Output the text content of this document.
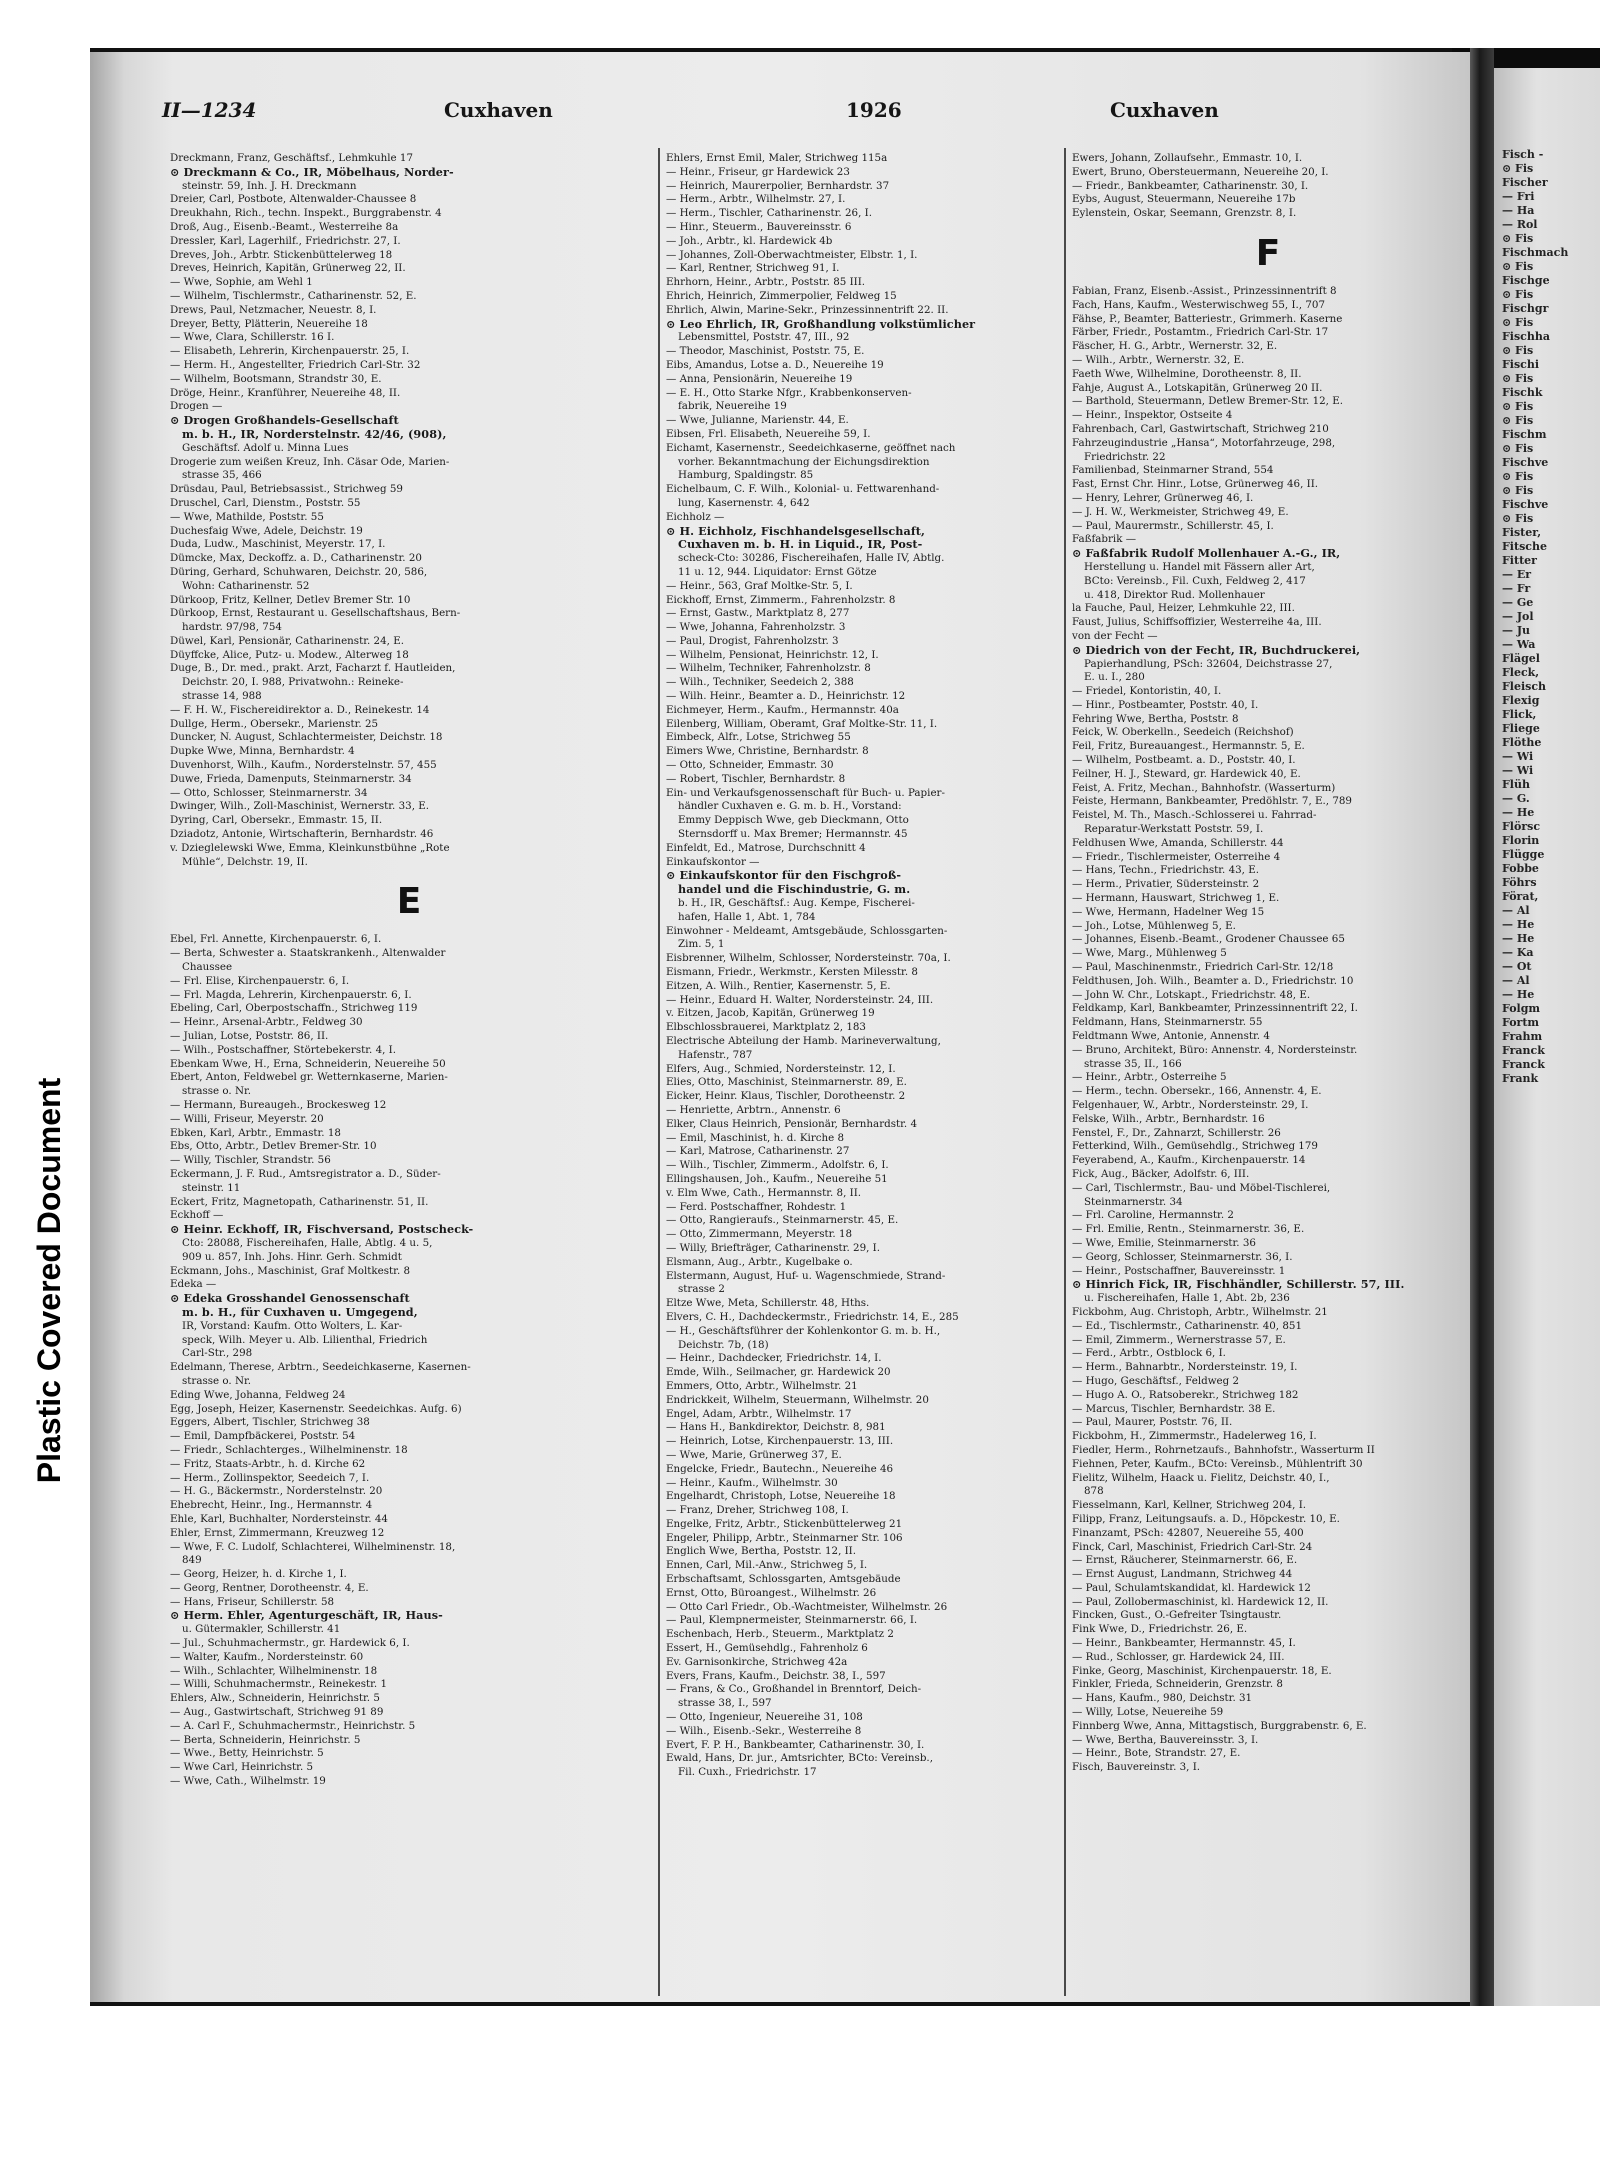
Plastic Covered Document
II—1234	Cuxhaven	1926	Cuxhaven
Dreckmann, Franz, Geschäftsf., Lehmkuhle 17
⊙ Dreckmann & Co., IR, Möbelhaus, Norder-
steinstr. 59, Inh. J. H. Dreckmann
Dreier, Carl, Postbote, Altenwalder-Chaussee 8
Dreukhahn, Rich., techn. Inspekt., Burggrabenstr. 4
Droß, Aug., Eisenb.-Beamt., Westerreihe 8a
Dressler, Karl, Lagerhilf., Friedrichstr. 27, I.
Dreves, Joh., Arbtr. Stickenbüttelerweg 18
Dreves, Heinrich, Kapitän, Grünerweg 22, II.
— Wwe, Sophie, am Wehl 1
— Wilhelm, Tischlermstr., Catharinenstr. 52, E.
Drews, Paul, Netzmacher, Neuestr. 8, I.
Dreyer, Betty, Plätterin, Neuereihe 18
— Wwe, Clara, Schillerstr. 16 I.
— Elisabeth, Lehrerin, Kirchenpauerstr. 25, I.
— Herm. H., Angestellter, Friedrich Carl-Str. 32
— Wilhelm, Bootsmann, Strandstr 30, E.
Dröge, Heinr., Kranführer, Neuereihe 48, II.
Drogen —
⊙ Drogen Großhandels-Gesellschaft
m. b. H., IR, Norderstelnstr. 42/46, (908),
Geschäftsf. Adolf u. Minna Lues
Drogerie zum weißen Kreuz, Inh. Cäsar Ode, Marien-
strasse 35, 466
Drüsdau, Paul, Betriebsassist., Strichweg 59
Druschel, Carl, Dienstm., Poststr. 55
— Wwe, Mathilde, Poststr. 55
Duchesfaig Wwe, Adele, Deichstr. 19
Duda, Ludw., Maschinist, Meyerstr. 17, I.
Dümcke, Max, Deckoffz. a. D., Catharinenstr. 20
Düring, Gerhard, Schuhwaren, Deichstr. 20, 586,
Wohn: Catharinenstr. 52
Dürkoop, Fritz, Kellner, Detlev Bremer Str. 10
Dürkoop, Ernst, Restaurant u. Gesellschaftshaus, Bern-
hardstr. 97/98, 754
Düwel, Karl, Pensionär, Catharinenstr. 24, E.
Düyffcke, Alice, Putz- u. Modew., Alterweg 18
Duge, B., Dr. med., prakt. Arzt, Facharzt f. Hautleiden,
Deichstr. 20, I. 988, Privatwohn.: Reineke-
strasse 14, 988
— F. H. W., Fischereidirektor a. D., Reinekestr. 14
Dullge, Herm., Obersekr., Marienstr. 25
Duncker, N. August, Schlachtermeister, Deichstr. 18
Dupke Wwe, Minna, Bernhardstr. 4
Duvenhorst, Wilh., Kaufm., Norderstelnstr. 57, 455
Duwe, Frieda, Damenputs, Steinmarnerstr. 34
— Otto, Schlosser, Steinmarnerstr. 34
Dwinger, Wilh., Zoll-Maschinist, Wernerstr. 33, E.
Dyring, Carl, Obersekr., Emmastr. 15, II.
Dziadotz, Antonie, Wirtschafterin, Bernhardstr. 46
v. Dzieglelewski Wwe, Emma, Kleinkunstbühne „Rote
Mühle“, Delchstr. 19, II.
E
Ebel, Frl. Annette, Kirchenpauerstr. 6, I.
— Berta, Schwester a. Staatskrankenh., Altenwalder
Chaussee
— Frl. Elise, Kirchenpauerstr. 6, I.
— Frl. Magda, Lehrerin, Kirchenpauerstr. 6, I.
Ebeling, Carl, Oberpostschaffn., Strichweg 119
— Heinr., Arsenal-Arbtr., Feldweg 30
— Julian, Lotse, Poststr. 86, II.
— Wilh., Postschaffner, Störtebekerstr. 4, I.
Ebenkam Wwe, H., Erna, Schneiderin, Neuereihe 50
Ebert, Anton, Feldwebel gr. Wetternkaserne, Marien-
strasse o. Nr.
— Hermann, Bureaugeh., Brockesweg 12
— Willi, Friseur, Meyerstr. 20
Ebken, Karl, Arbtr., Emmastr. 18
Ebs, Otto, Arbtr., Detlev Bremer-Str. 10
— Willy, Tischler, Strandstr. 56
Eckermann, J. F. Rud., Amtsregistrator a. D., Süder-
steinstr. 11
Eckert, Fritz, Magnetopath, Catharinenstr. 51, II.
Eckhoff —
⊙ Heinr. Eckhoff, IR, Fischversand, Postscheck-
Cto: 28088, Fischereihafen, Halle, Abtlg. 4 u. 5,
909 u. 857, Inh. Johs. Hinr. Gerh. Schmidt
Eckmann, Johs., Maschinist, Graf Moltkestr. 8
Edeka —
⊙ Edeka Grosshandel Genossenschaft
m. b. H., für Cuxhaven u. Umgegend,
IR, Vorstand: Kaufm. Otto Wolters, L. Kar-
speck, Wilh. Meyer u. Alb. Lilienthal, Friedrich
Carl-Str., 298
Edelmann, Therese, Arbtrn., Seedeichkaserne, Kasernen-
strasse o. Nr.
Eding Wwe, Johanna, Feldweg 24
Egg, Joseph, Heizer, Kasernenstr. Seedeichkas. Aufg. 6)
Eggers, Albert, Tischler, Strichweg 38
— Emil, Dampfbäckerei, Poststr. 54
— Friedr., Schlachterges., Wilhelminenstr. 18
— Fritz, Staats-Arbtr., h. d. Kirche 62
— Herm., Zollinspektor, Seedeich 7, I.
— H. G., Bäckermstr., Norderstelnstr. 20
Ehebrecht, Heinr., Ing., Hermannstr. 4
Ehle, Karl, Buchhalter, Nordersteinstr. 44
Ehler, Ernst, Zimmermann, Kreuzweg 12
— Wwe, F. C. Ludolf, Schlachterei, Wilhelminenstr. 18,
849
— Georg, Heizer, h. d. Kirche 1, I.
— Georg, Rentner, Dorotheenstr. 4, E.
— Hans, Friseur, Schillerstr. 58
⊙ Herm. Ehler, Agenturgeschäft, IR, Haus-
u. Gütermakler, Schillerstr. 41
— Jul., Schuhmachermstr., gr. Hardewick 6, I.
— Walter, Kaufm., Nordersteinstr. 60
— Wilh., Schlachter, Wilhelminenstr. 18
— Willi, Schuhmachermstr., Reinekestr. 1
Ehlers, Alw., Schneiderin, Heinrichstr. 5
— Aug., Gastwirtschaft, Strichweg 91 89
— A. Carl F., Schuhmachermstr., Heinrichstr. 5
— Berta, Schneiderin, Heinrichstr. 5
— Wwe., Betty, Heinrichstr. 5
— Wwe Carl, Heinrichstr. 5
— Wwe, Cath., Wilhelmstr. 19
Ehlers, Ernst Emil, Maler, Strichweg 115a
— Heinr., Friseur, gr Hardewick 23
— Heinrich, Maurerpolier, Bernhardstr. 37
— Herm., Arbtr., Wilhelmstr. 27, I.
— Herm., Tischler, Catharinenstr. 26, I.
— Hinr., Steuerm., Bauvereinsstr. 6
— Joh., Arbtr., kl. Hardewick 4b
— Johannes, Zoll-Oberwachtmeister, Elbstr. 1, I.
— Karl, Rentner, Strichweg 91, I.
Ehrhorn, Heinr., Arbtr., Poststr. 85 III.
Ehrich, Heinrich, Zimmerpolier, Feldweg 15
Ehrlich, Alwin, Marine-Sekr., Prinzessinnentrift 22. II.
⊙ Leo Ehrlich, IR, Großhandlung volkstümlicher
Lebensmittel, Poststr. 47, III., 92
— Theodor, Maschinist, Poststr. 75, E.
Eibs, Amandus, Lotse a. D., Neuereihe 19
— Anna, Pensionärin, Neuereihe 19
— E. H., Otto Starke Nfgr., Krabbenkonserven-
fabrik, Neuereihe 19
— Wwe, Julianne, Marienstr. 44, E.
Eibsen, Frl. Elisabeth, Neuereihe 59, I.
Eichamt, Kasernenstr., Seedeichkaserne, geöffnet nach
vorher. Bekanntmachung der Eichungsdirektion
Hamburg, Spaldingstr. 85
Eichelbaum, C. F. Wilh., Kolonial- u. Fettwarenhand-
lung, Kasernenstr. 4, 642
Eichholz —
⊙ H. Eichholz, Fischhandelsgesellschaft,
Cuxhaven m. b. H. in Liquid., IR, Post-
scheck-Cto: 30286, Fischereihafen, Halle IV, Abtlg.
11 u. 12, 944. Liquidator: Ernst Götze
— Heinr., 563, Graf Moltke-Str. 5, I.
Eickhoff, Ernst, Zimmerm., Fahrenholzstr. 8
— Ernst, Gastw., Marktplatz 8, 277
— Wwe, Johanna, Fahrenholzstr. 3
— Paul, Drogist, Fahrenholzstr. 3
— Wilhelm, Pensionat, Heinrichstr. 12, I.
— Wilhelm, Techniker, Fahrenholzstr. 8
— Wilh., Techniker, Seedeich 2, 388
— Wilh. Heinr., Beamter a. D., Heinrichstr. 12
Eichmeyer, Herm., Kaufm., Hermannstr. 40a
Eilenberg, William, Oberamt, Graf Moltke-Str. 11, I.
Eimbeck, Alfr., Lotse, Strichweg 55
Eimers Wwe, Christine, Bernhardstr. 8
— Otto, Schneider, Emmastr. 30
— Robert, Tischler, Bernhardstr. 8
Ein- und Verkaufsgenossenschaft für Buch- u. Papier-
händler Cuxhaven e. G. m. b. H., Vorstand:
Emmy Deppisch Wwe, geb Dieckmann, Otto
Sternsdorff u. Max Bremer; Hermannstr. 45
Einfeldt, Ed., Matrose, Durchschnitt 4
Einkaufskontor —
⊙ Einkaufskontor für den Fischgroß-
handel und die Fischindustrie, G. m.
b. H., IR, Geschäftsf.: Aug. Kempe, Fischerei-
hafen, Halle 1, Abt. 1, 784
Einwohner - Meldeamt, Amtsgebäude, Schlossgarten-
Zim. 5, 1
Eisbrenner, Wilhelm, Schlosser, Nordersteinstr. 70a, I.
Eismann, Friedr., Werkmstr., Kersten Milesstr. 8
Eitzen, A. Wilh., Rentier, Kasernenstr. 5, E.
— Heinr., Eduard H. Walter, Nordersteinstr. 24, III.
v. Eitzen, Jacob, Kapitän, Grünerweg 19
Elbschlossbrauerei, Marktplatz 2, 183
Electrische Abteilung der Hamb. Marineverwaltung,
Hafenstr., 787
Elfers, Aug., Schmied, Nordersteinstr. 12, I.
Elies, Otto, Maschinist, Steinmarnerstr. 89, E.
Eicker, Heinr. Klaus, Tischler, Dorotheenstr. 2
— Henriette, Arbtrn., Annenstr. 6
Elker, Claus Heinrich, Pensionär, Bernhardstr. 4
— Emil, Maschinist, h. d. Kirche 8
— Karl, Matrose, Catharinenstr. 27
— Wilh., Tischler, Zimmerm., Adolfstr. 6, I.
Ellingshausen, Joh., Kaufm., Neuereihe 51
v. Elm Wwe, Cath., Hermannstr. 8, II.
— Ferd. Postschaffner, Rohdestr. 1
— Otto, Rangieraufs., Steinmarnerstr. 45, E.
— Otto, Zimmermann, Meyerstr. 18
— Willy, Briefträger, Catharinenstr. 29, I.
Elsmann, Aug., Arbtr., Kugelbake o.
Elstermann, August, Huf- u. Wagenschmiede, Strand-
strasse 2
Eltze Wwe, Meta, Schillerstr. 48, Hths.
Elvers, C. H., Dachdeckermstr., Friedrichstr. 14, E., 285
— H., Geschäftsführer der Kohlenkontor G. m. b. H.,
Deichstr. 7b, (18)
— Heinr., Dachdecker, Friedrichstr. 14, I.
Emde, Wilh., Seilmacher, gr. Hardewick 20
Emmers, Otto, Arbtr., Wilhelmstr. 21
Endrickkeit, Wilhelm, Steuermann, Wilhelmstr. 20
Engel, Adam, Arbtr., Wilhelmstr. 17
— Hans H., Bankdirektor, Deichstr. 8, 981
— Heinrich, Lotse, Kirchenpauerstr. 13, III.
— Wwe, Marie, Grünerweg 37, E.
Engelcke, Friedr., Bautechn., Neuereihe 46
— Heinr., Kaufm., Wilhelmstr. 30
Engelhardt, Christoph, Lotse, Neuereihe 18
— Franz, Dreher, Strichweg 108, I.
Engelke, Fritz, Arbtr., Stickenbüttelerweg 21
Engeler, Philipp, Arbtr., Steinmarner Str. 106
Englich Wwe, Bertha, Poststr. 12, II.
Ennen, Carl, Mil.-Anw., Strichweg 5, I.
Erbschaftsamt, Schlossgarten, Amtsgebäude
Ernst, Otto, Büroangest., Wilhelmstr. 26
— Otto Carl Friedr., Ob.-Wachtmeister, Wilhelmstr. 26
— Paul, Klempnermeister, Steinmarnerstr. 66, I.
Eschenbach, Herb., Steuerm., Marktplatz 2
Essert, H., Gemüsehdlg., Fahrenholz 6
Ev. Garnisonkirche, Strichweg 42a
Evers, Frans, Kaufm., Deichstr. 38, I., 597
— Frans, & Co., Großhandel in Brenntorf, Deich-
strasse 38, I., 597
— Otto, Ingenieur, Neuereihe 31, 108
— Wilh., Eisenb.-Sekr., Westerreihe 8
Evert, F. P. H., Bankbeamter, Catharinenstr. 30, I.
Ewald, Hans, Dr. jur., Amtsrichter, BCto: Vereinsb.,
Fil. Cuxh., Friedrichstr. 17
Ewers, Johann, Zollaufsehr., Emmastr. 10, I.
Ewert, Bruno, Obersteuermann, Neuereihe 20, I.
— Friedr., Bankbeamter, Catharinenstr. 30, I.
Eybs, August, Steuermann, Neuereihe 17b
Eylenstein, Oskar, Seemann, Grenzstr. 8, I.
F
Fabian, Franz, Eisenb.-Assist., Prinzessinnentrift 8
Fach, Hans, Kaufm., Westerwischweg 55, I., 707
Fähse, P., Beamter, Batteriestr., Grimmerh. Kaserne
Färber, Friedr., Postamtm., Friedrich Carl-Str. 17
Fäscher, H. G., Arbtr., Wernerstr. 32, E.
— Wilh., Arbtr., Wernerstr. 32, E.
Faeth Wwe, Wilhelmine, Dorotheenstr. 8, II.
Fahje, August A., Lotskapitän, Grünerweg 20 II.
— Barthold, Steuermann, Detlew Bremer-Str. 12, E.
— Heinr., Inspektor, Ostseite 4
Fahrenbach, Carl, Gastwirtschaft, Strichweg 210
Fahrzeugindustrie „Hansa“, Motorfahrzeuge, 298,
Friedrichstr. 22
Familienbad, Steinmarner Strand, 554
Fast, Ernst Chr. Hinr., Lotse, Grünerweg 46, II.
— Henry, Lehrer, Grünerweg 46, I.
— J. H. W., Werkmeister, Strichweg 49, E.
— Paul, Maurermstr., Schillerstr. 45, I.
Faßfabrik —
⊙ Faßfabrik Rudolf Mollenhauer A.-G., IR,
Herstellung u. Handel mit Fässern aller Art,
BCto: Vereinsb., Fil. Cuxh, Feldweg 2, 417
u. 418, Direktor Rud. Mollenhauer
la Fauche, Paul, Heizer, Lehmkuhle 22, III.
Faust, Julius, Schiffsoffizier, Westerreihe 4a, III.
von der Fecht —
⊙ Diedrich von der Fecht, IR, Buchdruckerei,
Papierhandlung, PSch: 32604, Deichstrasse 27,
E. u. I., 280
— Friedel, Kontoristin, 40, I.
— Hinr., Postbeamter, Poststr. 40, I.
Fehring Wwe, Bertha, Poststr. 8
Feick, W. Oberkelln., Seedeich (Reichshof)
Feil, Fritz, Bureauangest., Hermannstr. 5, E.
— Wilhelm, Postbeamt. a. D., Poststr. 40, I.
Feilner, H. J., Steward, gr. Hardewick 40, E.
Feist, A. Fritz, Mechan., Bahnhofstr. (Wasserturm)
Feiste, Hermann, Bankbeamter, Predöhlstr. 7, E., 789
Feistel, M. Th., Masch.-Schlosserei u. Fahrrad-
Reparatur-Werkstatt Poststr. 59, I.
Feldhusen Wwe, Amanda, Schillerstr. 44
— Friedr., Tischlermeister, Osterreihe 4
— Hans, Techn., Friedrichstr. 43, E.
— Herm., Privatier, Südersteinstr. 2
— Hermann, Hauswart, Strichweg 1, E.
— Wwe, Hermann, Hadelner Weg 15
— Joh., Lotse, Mühlenweg 5, E.
— Johannes, Eisenb.-Beamt., Grodener Chaussee 65
— Wwe, Marg., Mühlenweg 5
— Paul, Maschinenmstr., Friedrich Carl-Str. 12/18
Feldthusen, Joh. Wilh., Beamter a. D., Friedrichstr. 10
— John W. Chr., Lotskapt., Friedrichstr. 48, E.
Feldkamp, Karl, Bankbeamter, Prinzessinnentrift 22, I.
Feldmann, Hans, Steinmarnerstr. 55
Feldtmann Wwe, Antonie, Annenstr. 4
— Bruno, Architekt, Büro: Annenstr. 4, Nordersteinstr.
strasse 35, II., 166
— Heinr., Arbtr., Osterreihe 5
— Herm., techn. Obersekr., 166, Annenstr. 4, E.
Felgenhauer, W., Arbtr., Nordersteinstr. 29, I.
Felske, Wilh., Arbtr., Bernhardstr. 16
Fenstel, F., Dr., Zahnarzt, Schillerstr. 26
Fetterkind, Wilh., Gemüsehdlg., Strichweg 179
Feyerabend, A., Kaufm., Kirchenpauerstr. 14
Fick, Aug., Bäcker, Adolfstr. 6, III.
— Carl, Tischlermstr., Bau- und Möbel-Tischlerei,
Steinmarnerstr. 34
— Frl. Caroline, Hermannstr. 2
— Frl. Emilie, Rentn., Steinmarnerstr. 36, E.
— Wwe, Emilie, Steinmarnerstr. 36
— Georg, Schlosser, Steinmarnerstr. 36, I.
— Heinr., Postschaffner, Bauvereinsstr. 1
⊙ Hinrich Fick, IR, Fischhändler, Schillerstr. 57, III.
u. Fischereihafen, Halle 1, Abt. 2b, 236
Fickbohm, Aug. Christoph, Arbtr., Wilhelmstr. 21
— Ed., Tischlermstr., Catharinenstr. 40, 851
— Emil, Zimmerm., Wernerstrasse 57, E.
— Ferd., Arbtr., Ostblock 6, I.
— Herm., Bahnarbtr., Nordersteinstr. 19, I.
— Hugo, Geschäftsf., Feldweg 2
— Hugo A. O., Ratsoberekr., Strichweg 182
— Marcus, Tischler, Bernhardstr. 38 E.
— Paul, Maurer, Poststr. 76, II.
Fickbohm, H., Zimmermstr., Hadelerweg 16, I.
Fiedler, Herm., Rohrnetzaufs., Bahnhofstr., Wasserturm II
Fiehnen, Peter, Kaufm., BCto: Vereinsb., Mühlentrift 30
Fielitz, Wilhelm, Haack u. Fielitz, Deichstr. 40, I.,
878
Fiesselmann, Karl, Kellner, Strichweg 204, I.
Filipp, Franz, Leitungsaufs. a. D., Höpckestr. 10, E.
Finanzamt, PSch: 42807, Neuereihe 55, 400
Finck, Carl, Maschinist, Friedrich Carl-Str. 24
— Ernst, Räucherer, Steinmarnerstr. 66, E.
— Ernst August, Landmann, Strichweg 44
— Paul, Schulamtskandidat, kl. Hardewick 12
— Paul, Zollobermaschinist, kl. Hardewick 12, II.
Fincken, Gust., O.-Gefreiter Tsingtaustr.
Fink Wwe, D., Friedrichstr. 26, E.
— Heinr., Bankbeamter, Hermannstr. 45, I.
— Rud., Schlosser, gr. Hardewick 24, III.
Finke, Georg, Maschinist, Kirchenpauerstr. 18, E.
Finkler, Frieda, Schneiderin, Grenzstr. 8
— Hans, Kaufm., 980, Deichstr. 31
— Willy, Lotse, Neuereihe 59
Finnberg Wwe, Anna, Mittagstisch, Burggrabenstr. 6, E.
— Wwe, Bertha, Bauvereinsstr. 3, I.
— Heinr., Bote, Strandstr. 27, E.
Fisch, Bauvereinstr. 3, I.
Fisch -
⊙ Fis
Fischer
— Fri
— Ha
— Rol
⊙ Fis
Fischmach
⊙ Fis
Fischge
⊙ Fis
Fischgr
⊙ Fis
Fischha
⊙ Fis
Fischi
⊙ Fis
Fischk
⊙ Fis
⊙ Fis
Fischm
⊙ Fis
Fischve
⊙ Fis
⊙ Fis
Fischve
⊙ Fis
Fister,
Fitsche
Fitter
— Er
— Fr
— Ge
— Jol
— Ju
— Wa
Flägel
Fleck,
Fleisch
Flexig
Flick,
Fliege
Flöthe
— Wi
— Wi
Flüh
— G.
— He
Flörsc
Florin
Flügge
Fobbe
Föhrs
Förat,
— Al
— He
— He
— Ka
— Ot
— Al
— He
Folgm
Fortm
Frahm
Franck
Franck
Frank
